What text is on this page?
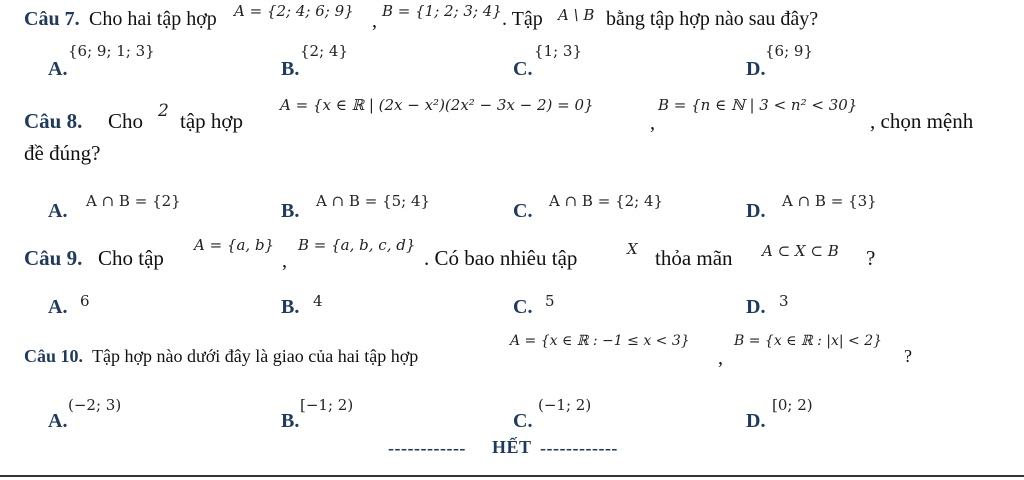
Câu 7. Cho hai tập hợp A = {2; 4; 6; 9} , B = {1; 2; 3; 4} . Tập A \ B bằng tập hợp nào sau đây?
A.
{6; 9; 1; 3}
B.
{2; 4}
C.
{1; 3}
D.
{6; 9}
Câu 8. Cho 2 tập hợp
A = {x ∈ ℝ | (2x − x²)(2x² − 3x − 2) = 0}
,
B = {n ∈ ℕ | 3 < n² < 30}
, chọn mệnh
đề đúng?
A. A ∩ B = {2}	B. A ∩ B = {5; 4}	C. A ∩ B = {2; 4}	D. A ∩ B = {3}
Câu 9. Cho tập
A = {a, b}
,
B = {a, b, c, d}
. Có bao nhiêu tập	X thỏa mãn A ⊂ X ⊂ B ?
A. 6	B. 4	C. 5	D. 3
Câu 10. Tập hợp nào dưới đây là giao của hai tập hợp
A = {x ∈ ℝ : −1 ≤ x < 3}
,
B = {x ∈ ℝ : |x| < 2}
?
A.
(−2; 3)
B.
[−1; 2)
C.
(−1; 2)
D.
[0; 2)
------------ HẾT ------------
